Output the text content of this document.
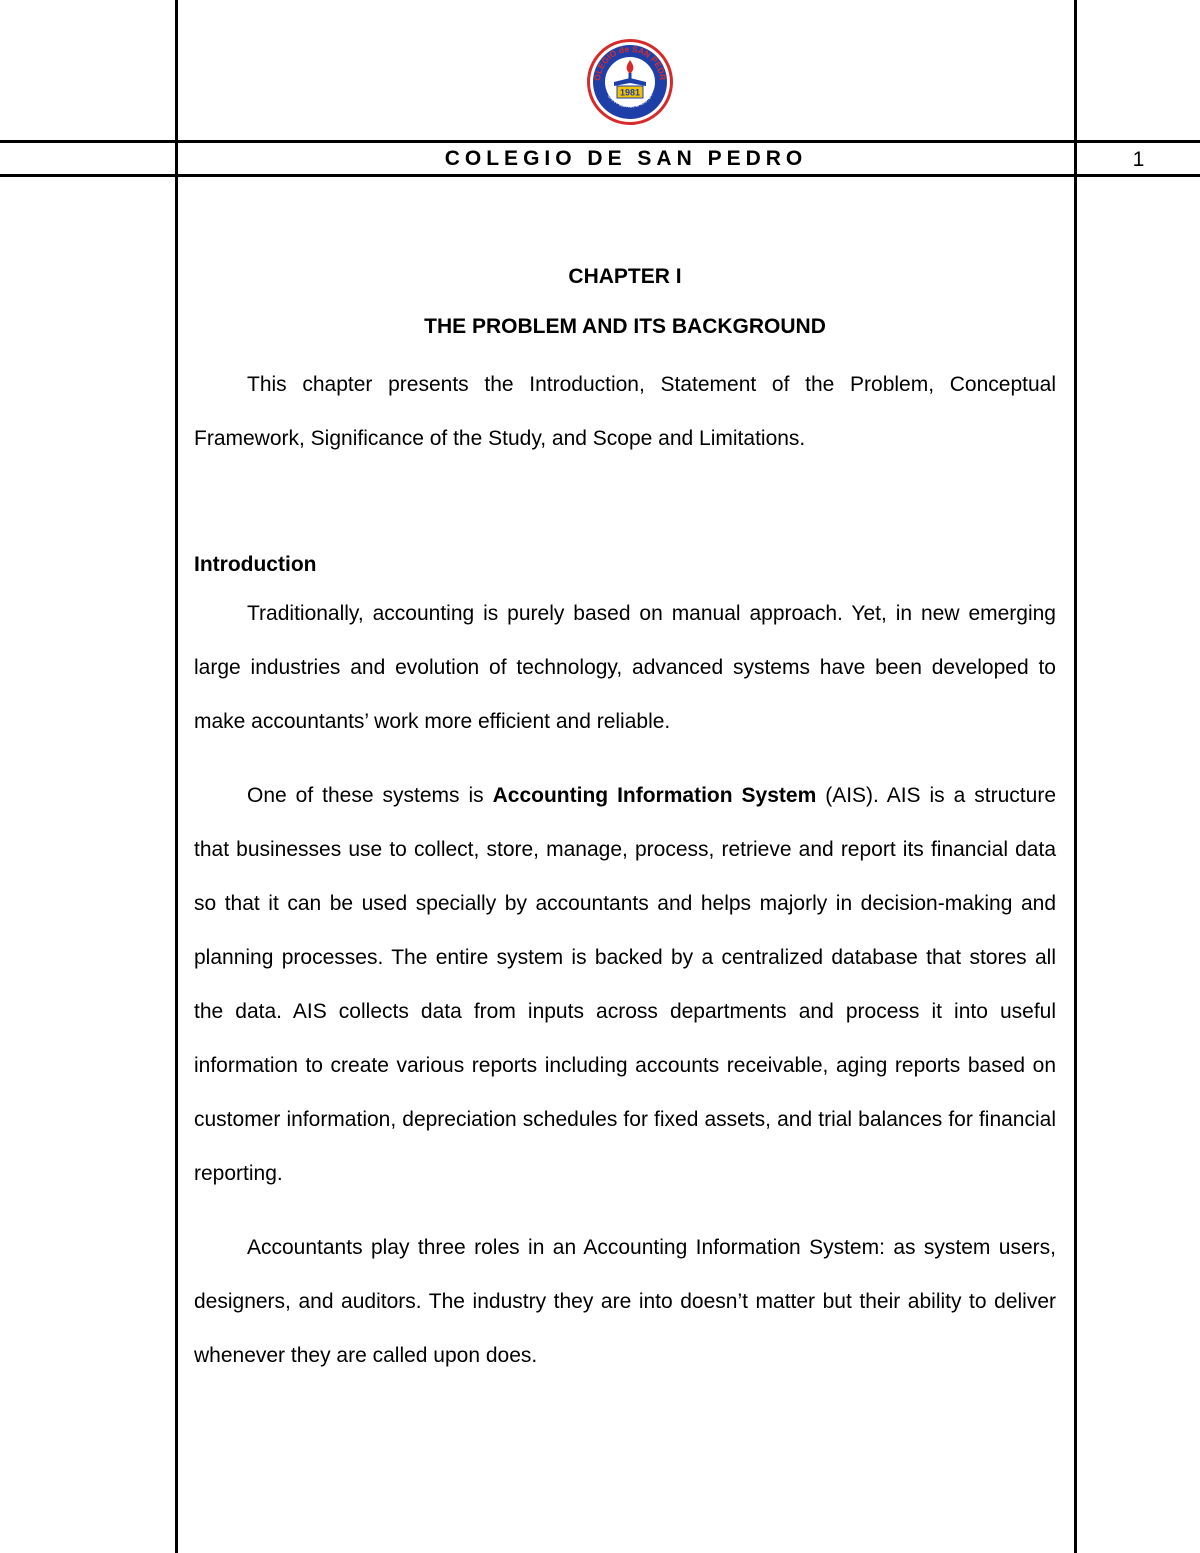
OLEGIO de SAN PEDR
SAN PEDRO, LAGUNA
1981
COLEGIO DE SAN PEDRO	1
CHAPTER I
THE PROBLEM AND ITS BACKGROUND

This chapter presents the Introduction, Statement of the Problem, Conceptual Framework, Significance of the Study, and Scope and Limitations.

Introduction

Traditionally, accounting is purely based on manual approach. Yet, in new emerging large industries and evolution of technology, advanced systems have been developed to make accountants’ work more efficient and reliable.

One of these systems is Accounting Information System (AIS). AIS is a structure that businesses use to collect, store, manage, process, retrieve and report its financial data so that it can be used specially by accountants and helps majorly in decision-making and planning processes. The entire system is backed by a centralized database that stores all the data. AIS collects data from inputs across departments and process it into useful information to create various reports including accounts receivable, aging reports based on customer information, depreciation schedules for fixed assets, and trial balances for financial reporting.

Accountants play three roles in an Accounting Information System: as system users, designers, and auditors. The industry they are into doesn’t matter but their ability to deliver whenever they are called upon does.
